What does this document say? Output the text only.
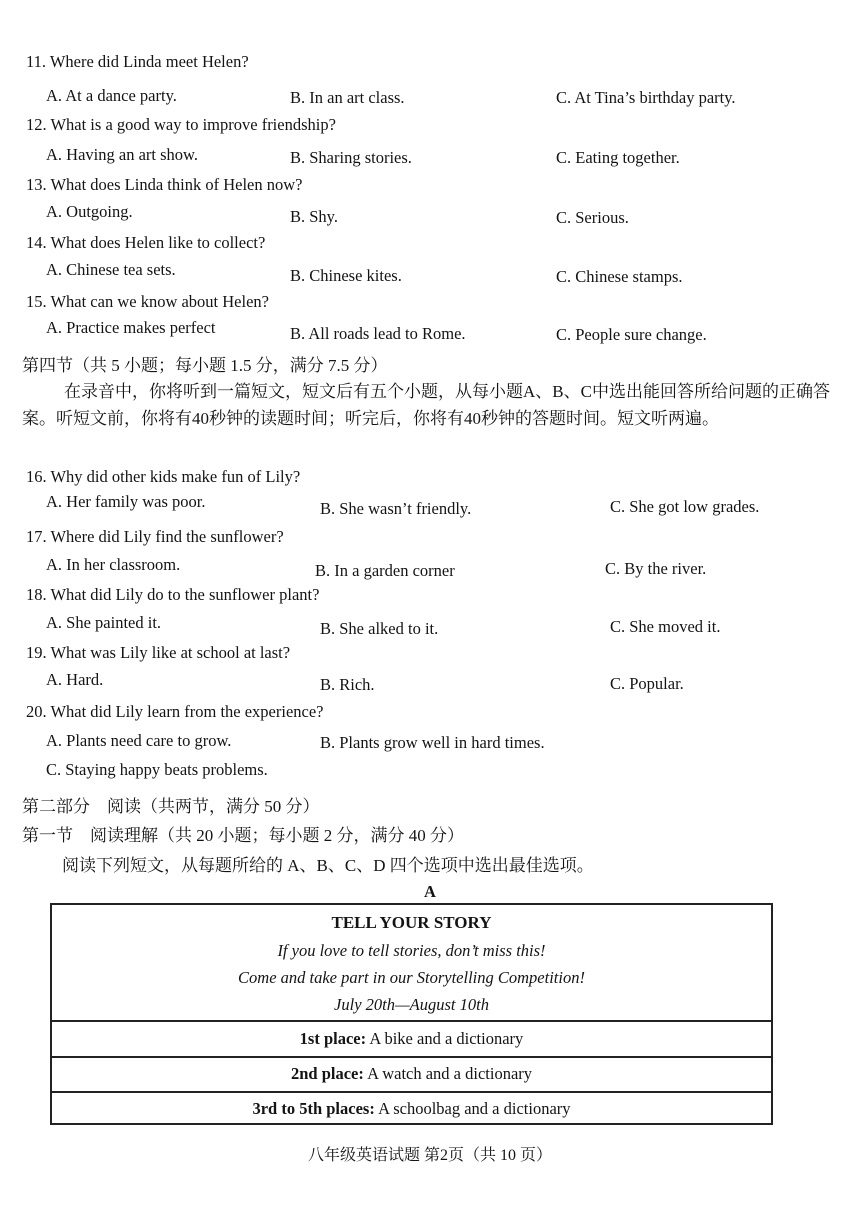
11. Where did Linda meet Helen?
A. At a dance party.	B. In an art class.	C. At Tina’s birthday party.
12. What is a good way to improve friendship?
A. Having an art show.	B. Sharing stories.	C. Eating together.
13. What does Linda think of Helen now?
A. Outgoing.	B. Shy.	C. Serious.
14. What does Helen like to collect?
A. Chinese tea sets.	B. Chinese kites.	C. Chinese stamps.
15. What can we know about Helen?
A. Practice makes perfect	B. All roads lead to Rome.	C. People sure change.
第四节（共 5 小题；每小题 1.5 分，满分 7.5 分）

在录音中，你将听到一篇短文，短文后有五个小题，从每小题A、B、C中选出能回答所给问题的正确答案。听短文前，你将有40秒钟的读题时间；听完后，你将有40秒钟的答题时间。短文听两遍。

16. Why did other kids make fun of Lily?
A. Her family was poor.	B. She wasn’t friendly.	C. She got low grades.
17. Where did Lily find the sunflower?
A. In her classroom.	B. In a garden corner	C. By the river.
18. What did Lily do to the sunflower plant?
A. She painted it.	B. She alked to it.	C. She moved it.
19. What was Lily like at school at last?
A. Hard.	B. Rich.	C. Popular.
20. What did Lily learn from the experience?
A. Plants need care to grow.	B. Plants grow well in hard times.
C. Staying happy beats problems.
第二部分　阅读（共两节，满分 50 分）
第一节　阅读理解（共 20 小题；每小题 2 分，满分 40 分）
阅读下列短文，从每题所给的 A、B、C、D 四个选项中选出最佳选项。
A
TELL YOUR STORY
If you love to tell stories, don’t miss this!
Come and take part in our Storytelling Competition!
July 20th—August 10th
1st place: A bike and a dictionary
2nd place: A watch and a dictionary
3rd to 5th places: A schoolbag and a dictionary
八年级英语试题 第2页（共 10 页）
